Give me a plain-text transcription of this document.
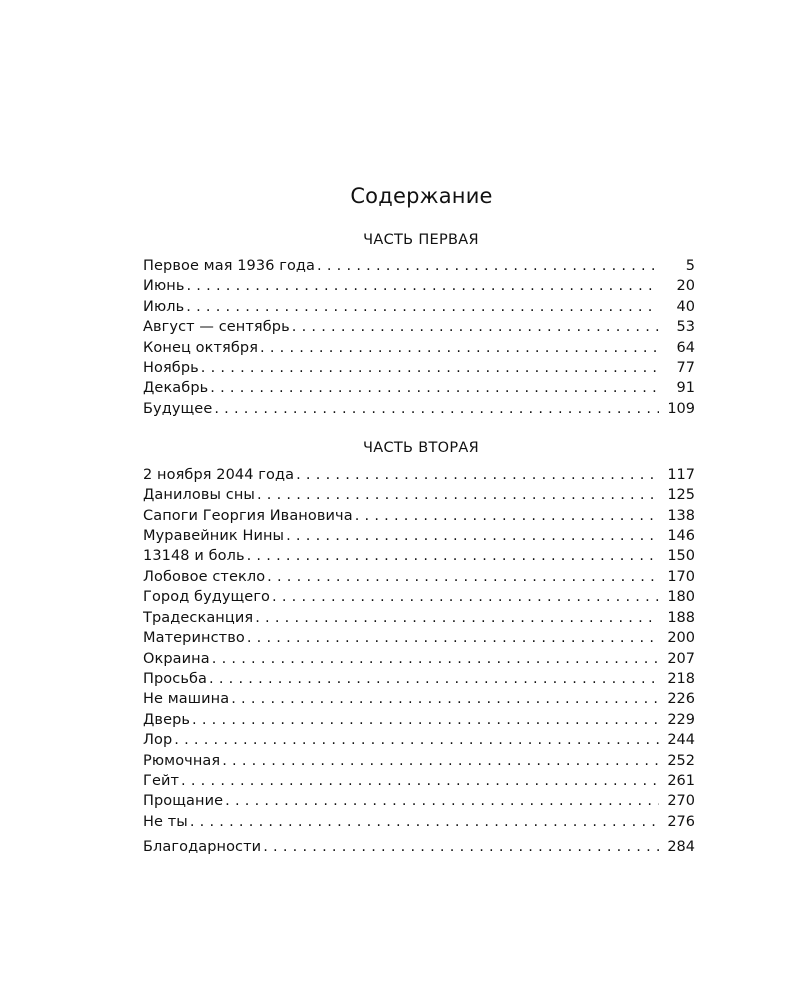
Содержание
ЧАСТЬ ПЕРВАЯ
Первое мая 1936 года . . .	5
Июнь . . .	20
Июль . . .	40
Август — сентябрь . . .	53
Конец октября . . .	64
Ноябрь . . .	77
Декабрь . . .	91
Будущее . . .	109
ЧАСТЬ ВТОРАЯ
2 ноября 2044 года . . .	117
Даниловы сны . . .	125
Сапоги Георгия Ивановича . . .	138
Муравейник Нины . . .	146
13148 и боль . . .	150
Лобовое стекло . . .	170
Город будущего . . .	180
Традесканция . . .	188
Материнство . . .	200
Окраина . . .	207
Просьба . . .	218
Не машина . . .	226
Дверь . . .	229
Лор . . .	244
Рюмочная . . .	252
Гейт . . .	261
Прощание . . .	270
Не ты . . .	276
Благодарности . . .	284
